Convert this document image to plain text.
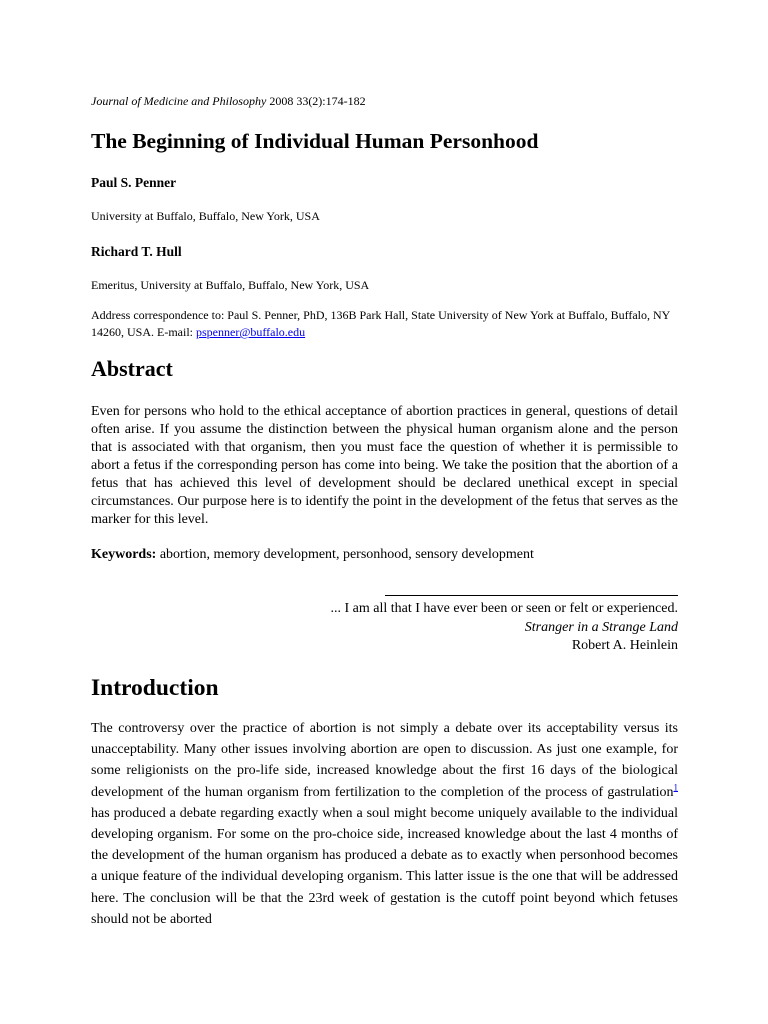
Journal of Medicine and Philosophy 2008 33(2):174-182
The Beginning of Individual Human Personhood
Paul S. Penner
University at Buffalo, Buffalo, New York, USA
Richard T. Hull
Emeritus, University at Buffalo, Buffalo, New York, USA
Address correspondence to: Paul S. Penner, PhD, 136B Park Hall, State University of New York at Buffalo, Buffalo, NY 14260, USA. E-mail: pspenner@buffalo.edu
Abstract

Even for persons who hold to the ethical acceptance of abortion practices in general, questions of detail often arise. If you assume the distinction between the physical human organism alone and the person that is associated with that organism, then you must face the question of whether it is permissible to abort a fetus if the corresponding person has come into being. We take the position that the abortion of a fetus that has achieved this level of development should be declared unethical except in special circumstances. Our purpose here is to identify the point in the development of the fetus that serves as the marker for this level.

Keywords: abortion, memory development, personhood, sensory development
... I am all that I have ever been or seen or felt or experienced.
Stranger in a Strange Land
Robert A. Heinlein
Introduction

The controversy over the practice of abortion is not simply a debate over its acceptability versus its unacceptability. Many other issues involving abortion are open to discussion. As just one example, for some religionists on the pro-life side, increased knowledge about the first 16 days of the biological development of the human organism from fertilization to the completion of the process of gastrulation$^1$ has produced a debate regarding exactly when a soul might become uniquely available to the individual developing organism. For some on the pro-choice side, increased knowledge about the last 4 months of the development of the human organism has produced a debate as to exactly when personhood becomes a unique feature of the individual developing organism. This latter issue is the one that will be addressed here. The conclusion will be that the 23rd week of gestation is the cutoff point beyond which fetuses should not be aborted
